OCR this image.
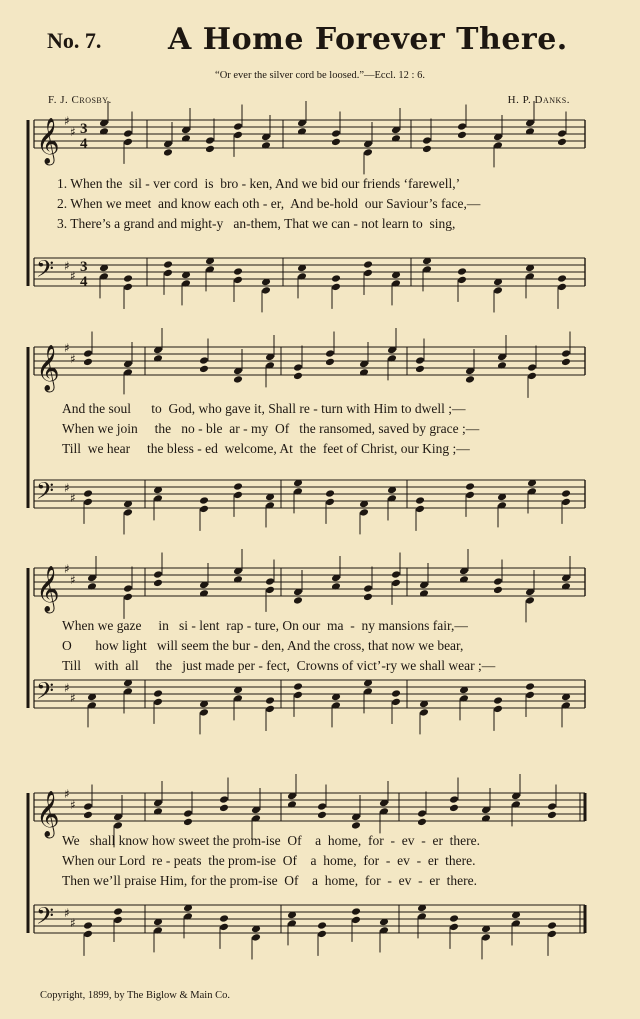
No. 7. A Home Forever There.
“Or ever the silver cord be loosed.”—Eccl. 12 : 6.
F. J. Crosby.	H. P. Danks.
𝄞 ♯
♯
𝄢 ♯
♯
3
4
3
4
𝄞 ♯
♯
𝄢 ♯
♯
𝄞 ♯
♯
𝄢 ♯
♯
𝄞 ♯
♯
𝄢 ♯
♯
1. When the  sil - ver cord  is  bro - ken, And we bid our friends ‘farewell,’
2. When we meet  and know each oth - er,  And be-hold  our Saviour’s face,—
3. There’s a grand and might-y   an-them, That we can - not learn to  sing,
And the soul      to  God, who gave it, Shall re - turn with Him to dwell ;—
When we join     the   no - ble  ar - my  Of   the ransomed, saved by grace ;—
Till  we hear     the bless - ed  welcome, At  the  feet of Christ, our King ;—
When we gaze     in   si - lent  rap - ture, On our  ma  -  ny mansions fair,—
O       how light   will seem the bur - den, And the cross, that now we bear,
Till    with  all     the   just made per - fect,  Crowns of vict’-ry we shall wear ;—
We   shall know how sweet the prom-ise  Of    a  home,  for  -  ev  -  er  there.
When our Lord  re - peats  the prom-ise  Of    a  home,  for  -  ev  -  er  there.
Then we’ll praise Him, for the prom-ise  Of    a  home,  for  -  ev  -  er  there.
Copyright, 1899, by The Biglow & Main Co.
